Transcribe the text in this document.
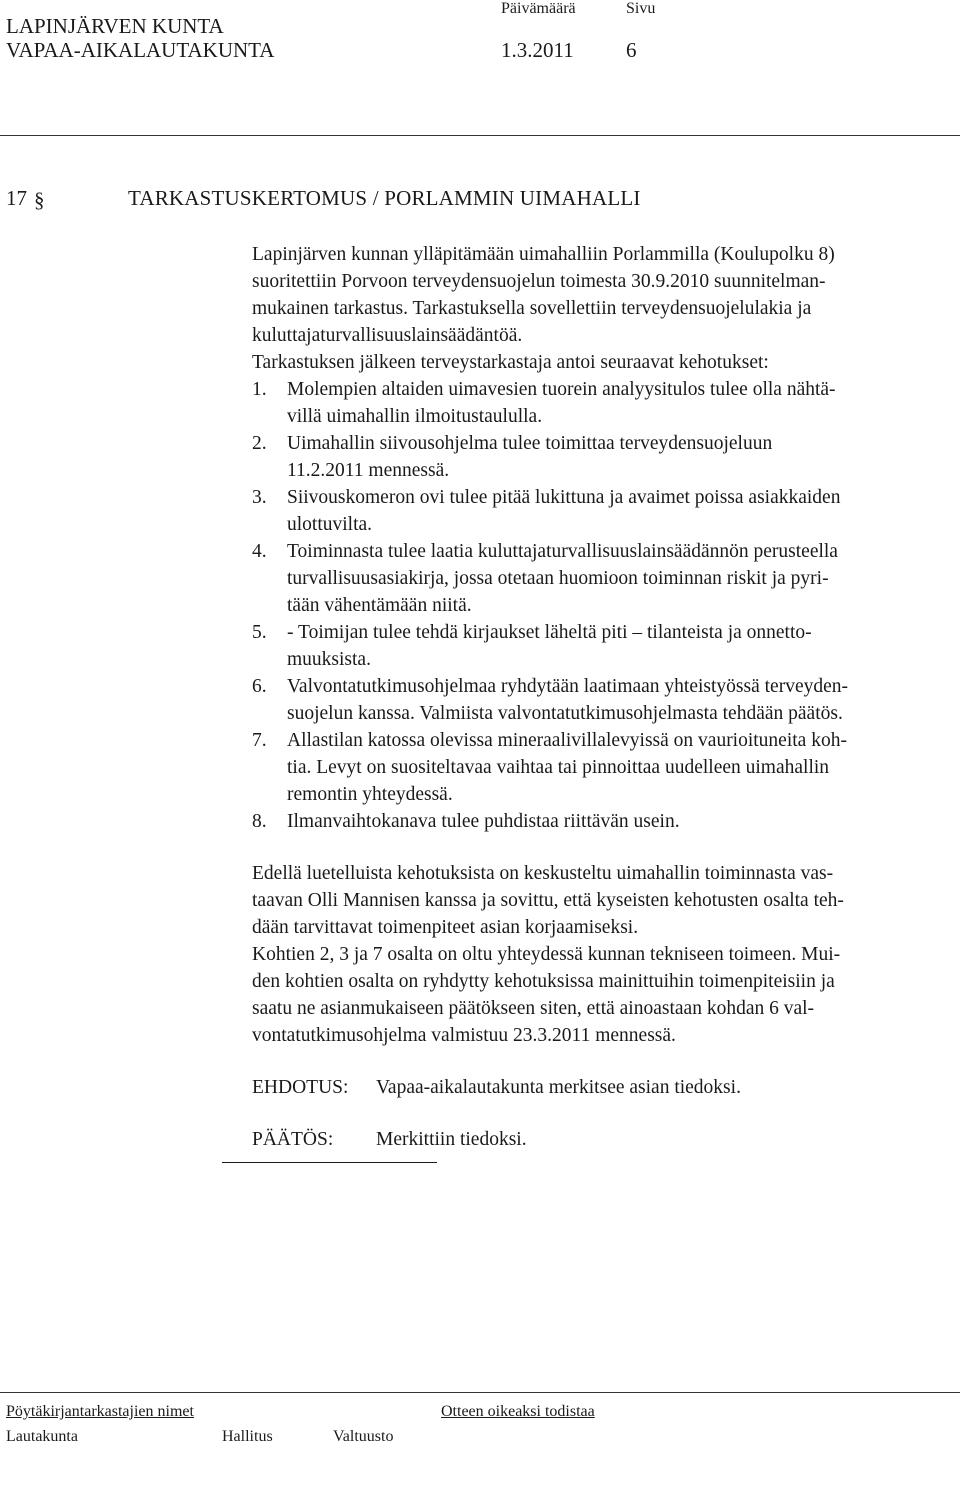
LAPINJÄRVEN KUNTA
VAPAA-AIKALAUTAKUNTA
Päivämäärä	Sivu
1.3.2011 6
17 §	TARKASTUSKERTOMUS / PORLAMMIN UIMAHALLI
Lapinjärven kunnan ylläpitämään uimahalliin Porlammilla (Koulupolku 8)
suoritettiin Porvoon terveydensuojelun toimesta 30.9.2010 suunnitelman-
mukainen tarkastus. Tarkastuksella sovellettiin terveydensuojelulakia ja
kuluttajaturvallisuuslainsäädäntöä.
Tarkastuksen jälkeen terveystarkastaja antoi seuraavat kehotukset:
1. Molempien altaiden uimavesien tuorein analyysitulos tulee olla nähtä-
villä uimahallin ilmoitustaululla.
2. Uimahallin siivousohjelma tulee toimittaa terveydensuojeluun
11.2.2011 mennessä.
3. Siivouskomeron ovi tulee pitää lukittuna ja avaimet poissa asiakkaiden
ulottuvilta.
4. Toiminnasta tulee laatia kuluttajaturvallisuuslainsäädännön perusteella
turvallisuusasiakirja, jossa otetaan huomioon toiminnan riskit ja pyri-
tään vähentämään niitä.
5. - Toimijan tulee tehdä kirjaukset läheltä piti – tilanteista ja onnetto-
muuksista.
6. Valvontatutkimusohjelmaa ryhdytään laatimaan yhteistyössä terveyden-
suojelun kanssa. Valmiista valvontatutkimusohjelmasta tehdään päätös.
7. Allastilan katossa olevissa mineraalivillalevyissä on vaurioituneita koh-
tia. Levyt on suositeltavaa vaihtaa tai pinnoittaa uudelleen uimahallin
remontin yhteydessä.
8. Ilmanvaihtokanava tulee puhdistaa riittävän usein.
Edellä luetelluista kehotuksista on keskusteltu uimahallin toiminnasta vas-
taavan Olli Mannisen kanssa ja sovittu, että kyseisten kehotusten osalta teh-
dään tarvittavat toimenpiteet asian korjaamiseksi.
Kohtien 2, 3 ja 7 osalta on oltu yhteydessä kunnan tekniseen toimeen. Mui-
den kohtien osalta on ryhdytty kehotuksissa mainittuihin toimenpiteisiin ja
saatu ne asianmukaiseen päätökseen siten, että ainoastaan kohdan 6 val-
vontatutkimusohjelma valmistuu 23.3.2011 mennessä.
EHDOTUS:	Vapaa-aikalautakunta merkitsee asian tiedoksi.
PÄÄTÖS:	Merkittiin tiedoksi.
Pöytäkirjantarkastajien nimet	Otteen oikeaksi todistaa
Lautakunta	Hallitus	Valtuusto
